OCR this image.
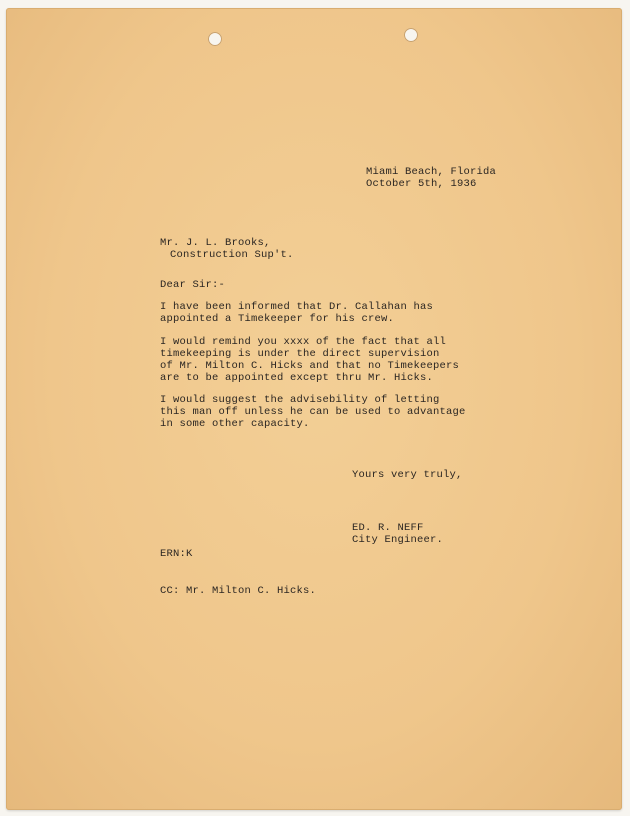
Miami Beach, Florida
October 5th, 1936
Mr. J. L. Brooks,
Construction Sup't.
Dear Sir:-
I have been informed that Dr. Callahan has
appointed a Timekeeper for his crew.
I would remind you xxxx of the fact that all
timekeeping is under the direct supervision
of Mr. Milton C. Hicks and that no Timekeepers
are to be appointed except thru Mr. Hicks.
I would suggest the advisebility of letting
this man off unless he can be used to advantage
in some other capacity.
Yours very truly,
ED. R. NEFF
City Engineer.
ERN:K
CC: Mr. Milton C. Hicks.
